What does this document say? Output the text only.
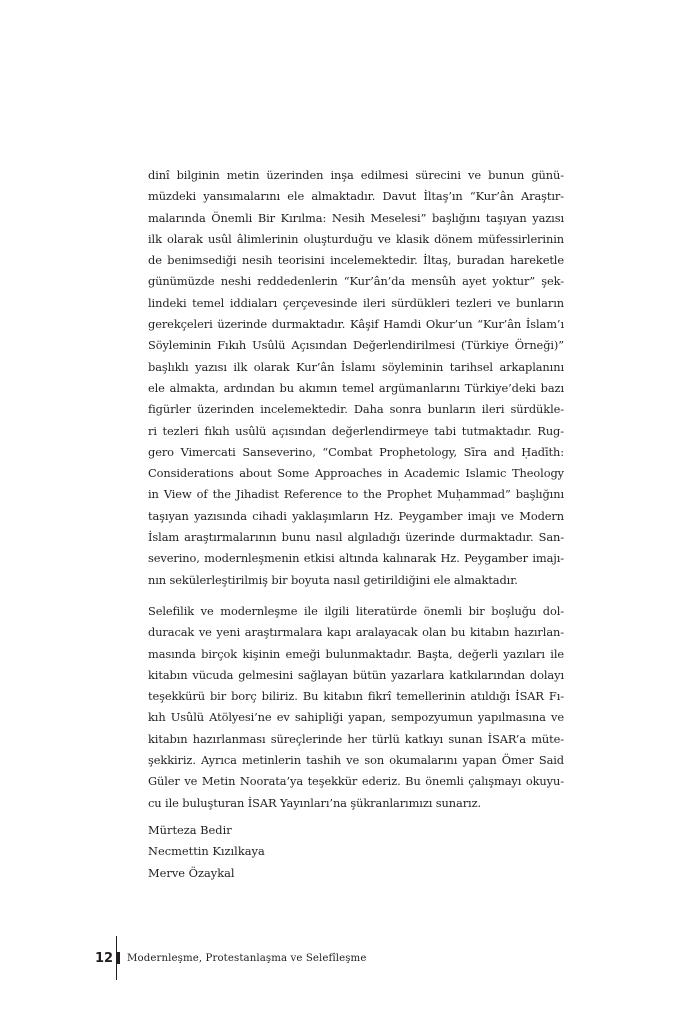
dinî bilginin metin üzerinden inşa edilmesi sürecini ve bunun günü-
müzdeki yansımalarını ele almaktadır. Davut İltaş’ın “Kur’ân Araştır-
malarında Önemli Bir Kırılma: Nesih Meselesi” başlığını taşıyan yazısı
ilk olarak usûl âlimlerinin oluşturduğu ve klasik dönem müfessirlerinin
de benimsediği nesih teorisini incelemektedir. İltaş, buradan hareketle
günümüzde neshi reddedenlerin “Kur’ân’da mensûh ayet yoktur” şek-
lindeki temel iddiaları çerçevesinde ileri sürdükleri tezleri ve bunların
gerekçeleri üzerinde durmaktadır. Kâşif Hamdi Okur’un “Kur’ân İslam’ı
Söyleminin Fıkıh Usûlü Açısından Değerlendirilmesi (Türkiye Örneği)”
başlıklı yazısı ilk olarak Kur’ân İslamı söyleminin tarihsel arkaplanını
ele almakta, ardından bu akımın temel argümanlarını Türkiye’deki bazı
figürler üzerinden incelemektedir. Daha sonra bunların ileri sürdükle-
ri tezleri fıkıh usûlü açısından değerlendirmeye tabi tutmaktadır. Rug-
gero Vimercati Sanseverino, “Combat Prophetology, Sīra and Ḥadīth:
Considerations about Some Approaches in Academic Islamic Theology
in View of the Jihadist Reference to the Prophet Muḥammad” başlığını
taşıyan yazısında cihadi yaklaşımların Hz. Peygamber imajı ve Modern
İslam araştırmalarının bunu nasıl algıladığı üzerinde durmaktadır. San-
severino, modernleşmenin etkisi altında kalınarak Hz. Peygamber imajı-
nın sekülerleştirilmiş bir boyuta nasıl getirildiğini ele almaktadır.

Selefilik ve modernleşme ile ilgili literatürde önemli bir boşluğu dol-
duracak ve yeni araştırmalara kapı aralayacak olan bu kitabın hazırlan-
masında birçok kişinin emeği bulunmaktadır. Başta, değerli yazıları ile
kitabın vücuda gelmesini sağlayan bütün yazarlara katkılarından dolayı
teşekkürü bir borç biliriz. Bu kitabın fikrî temellerinin atıldığı İSAR Fı-
kıh Usûlü Atölyesi’ne ev sahipliği yapan, sempozyumun yapılmasına ve
kitabın hazırlanması süreçlerinde her türlü katkıyı sunan İSAR’a müte-
şekkiriz. Ayrıca metinlerin tashih ve son okumalarını yapan Ömer Said
Güler ve Metin Noorata’ya teşekkür ederiz. Bu önemli çalışmayı okuyu-
cu ile buluşturan İSAR Yayınları’na şükranlarımızı sunarız.

Mürteza Bedir
Necmettin Kızılkaya
Merve Özaykal
12 Modernleşme, Protestanlaşma ve Selefîleşme
